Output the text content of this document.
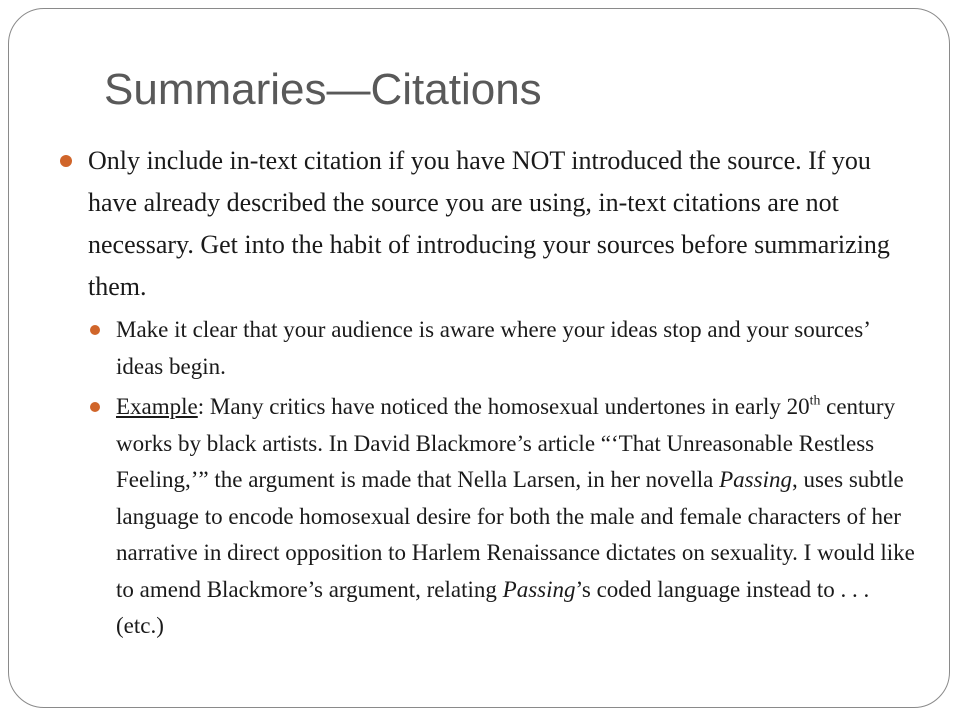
Summaries—Citations
Only include in-text citation if you have NOT introduced the source. If you have already described the source you are using, in-text citations are not necessary. Get into the habit of introducing your sources before summarizing them.
Make it clear that your audience is aware where your ideas stop and your sources’ ideas begin.
Example: Many critics have noticed the homosexual undertones in early 20th century works by black artists. In David Blackmore’s article “‘That Unreasonable Restless Feeling,’” the argument is made that Nella Larsen, in her novella Passing, uses subtle language to encode homosexual desire for both the male and female characters of her narrative in direct opposition to Harlem Renaissance dictates on sexuality. I would like to amend Blackmore’s argument, relating Passing’s coded language instead to . . . (etc.)
